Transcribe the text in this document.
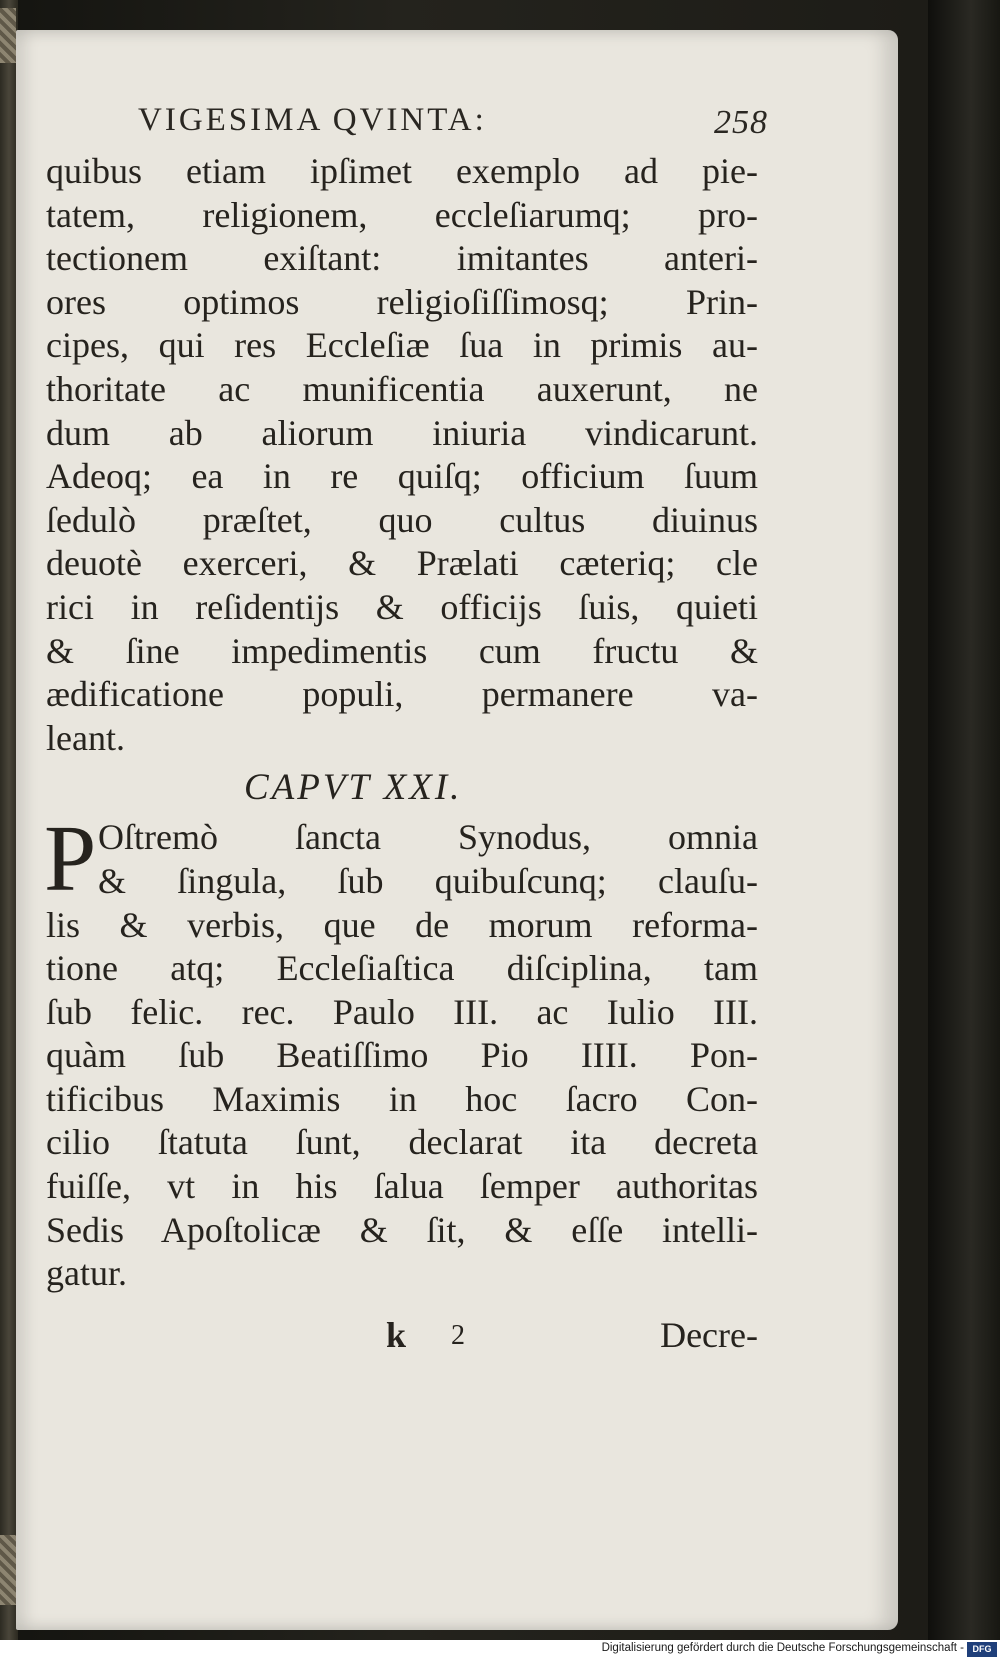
VIGESIMA QVINTA:	258
quibus etiam ipſimet exemplo ad pie-
tatem, religionem, eccleſiarumq; pro-
tectionem exiſtant: imitantes anteri-
ores optimos religioſiſſimosq; Prin-
cipes, qui res Eccleſiæ ſua in primis au-
thoritate ac munificentia auxerunt, ne
dum ab aliorum iniuria vindicarunt.
Adeoq; ea in re quiſq; officium ſuum
ſedulò præſtet, quo cultus diuinus
deuotè exerceri, & Prælati cæteriq; cle
rici in reſidentijs & officijs ſuis, quieti
& ſine impedimentis cum fructu &
ædificatione populi, permanere va-
leant.
CAPVT XXI.
P Oſtremò ſancta Synodus, omnia
& ſingula, ſub quibuſcunq; clauſu-
lis & verbis, que de morum reforma-
tione atq; Eccleſiaſtica diſciplina, tam
ſub felic. rec. Paulo III. ac Iulio III.
quàm ſub Beatiſſimo Pio IIII. Pon-
tificibus Maximis in hoc ſacro Con-
cilio ſtatuta ſunt, declarat ita decreta
fuiſſe, vt in his ſalua ſemper authoritas
Sedis Apoſtolicæ & ſit, & eſſe intelli-
gatur.
k 2	Decre-
Digitalisierung gefördert durch die Deutsche Forschungsgemeinschaft - DFG
